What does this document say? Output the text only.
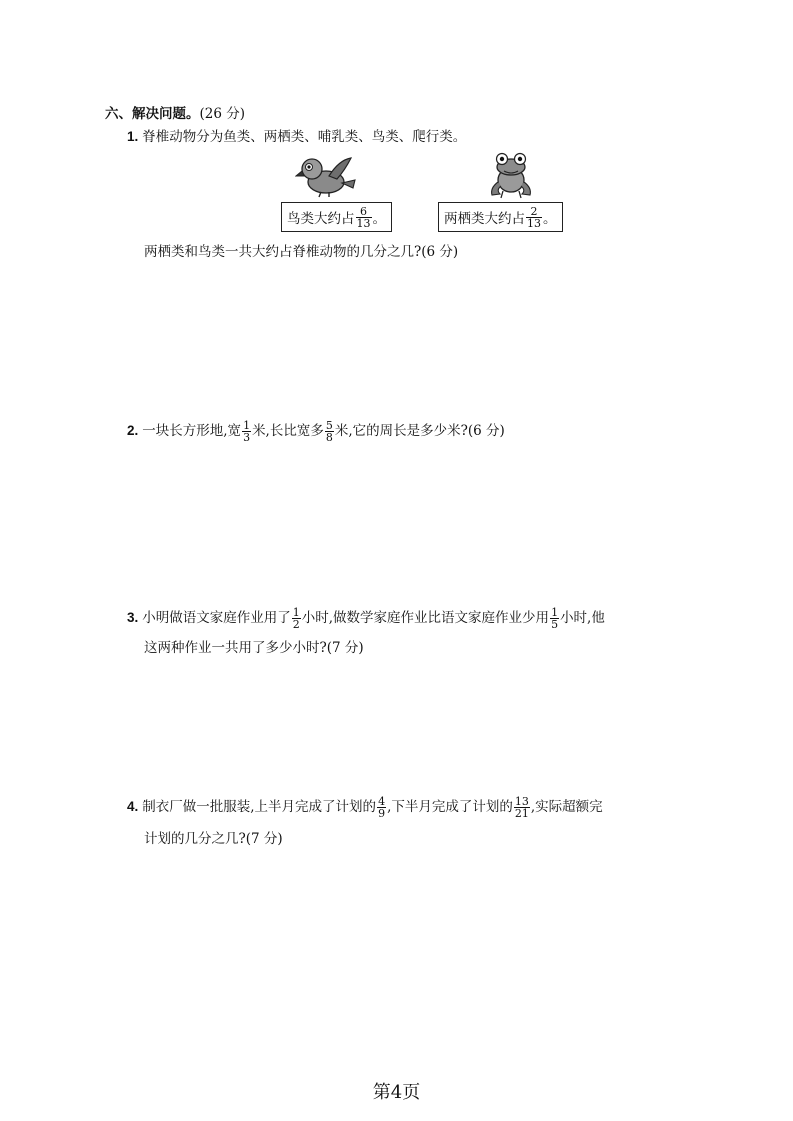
六、解决问题。(26 分)
1. 脊椎动物分为鱼类、两栖类、哺乳类、鸟类、爬行类。
鸟类大约占 $\frac{6}{13}$ 。	两栖类大约占 $\frac{2}{13}$ 。
两栖类和鸟类一共大约占脊椎动物的几分之几?(6 分)
2. 一块长方形地,宽 $\frac{1}{3}$ 米,长比宽多 $\frac{5}{8}$ 米,它的周长是多少米?(6 分)
3. 小明做语文家庭作业用了 $\frac{1}{2}$ 小时,做数学家庭作业比语文家庭作业少用 $\frac{1}{5}$ 小时,他
这两种作业一共用了多少小时?(7 分)
4. 制衣厂做一批服装,上半月完成了计划的 $\frac{4}{9}$ ,下半月完成了计划的 $\frac{13}{21}$ ,实际超额完
计划的几分之几?(7 分)
第4页
